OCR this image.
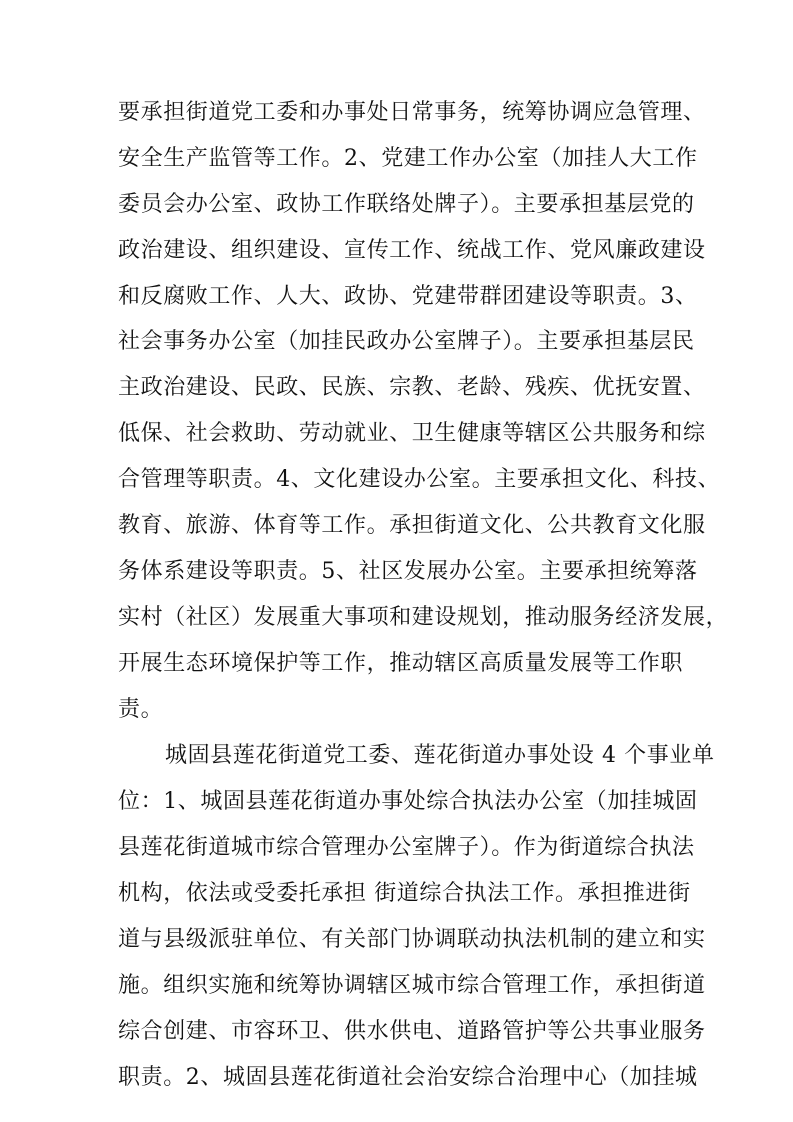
要承担街道党工委和办事处日常事务，统筹协调应急管理、
安全生产监管等工作。2、党建工作办公室（加挂人大工作
委员会办公室、政协工作联络处牌子）。主要承担基层党的
政治建设、组织建设、宣传工作、统战工作、党风廉政建设
和反腐败工作、人大、政协、党建带群团建设等职责。3、
社会事务办公室（加挂民政办公室牌子）。主要承担基层民
主政治建设、民政、民族、宗教、老龄、残疾、优抚安置、
低保、社会救助、劳动就业、卫生健康等辖区公共服务和综
合管理等职责。4、文化建设办公室。主要承担文化、科技、
教育、旅游、体育等工作。承担街道文化、公共教育文化服
务体系建设等职责。5、社区发展办公室。主要承担统筹落
实村（社区）发展重大事项和建设规划，推动服务经济发展，
开展生态环境保护等工作，推动辖区高质量发展等工作职
责。
城固县莲花街道党工委、莲花街道办事处设 4 个事业单
位：1、城固县莲花街道办事处综合执法办公室（加挂城固
县莲花街道城市综合管理办公室牌子）。作为街道综合执法
机构，依法或受委托承担 街道综合执法工作。承担推进街
道与县级派驻单位、有关部门协调联动执法机制的建立和实
施。组织实施和统筹协调辖区城市综合管理工作，承担街道
综合创建、市容环卫、供水供电、道路管护等公共事业服务
职责。2、城固县莲花街道社会治安综合治理中心（加挂城
